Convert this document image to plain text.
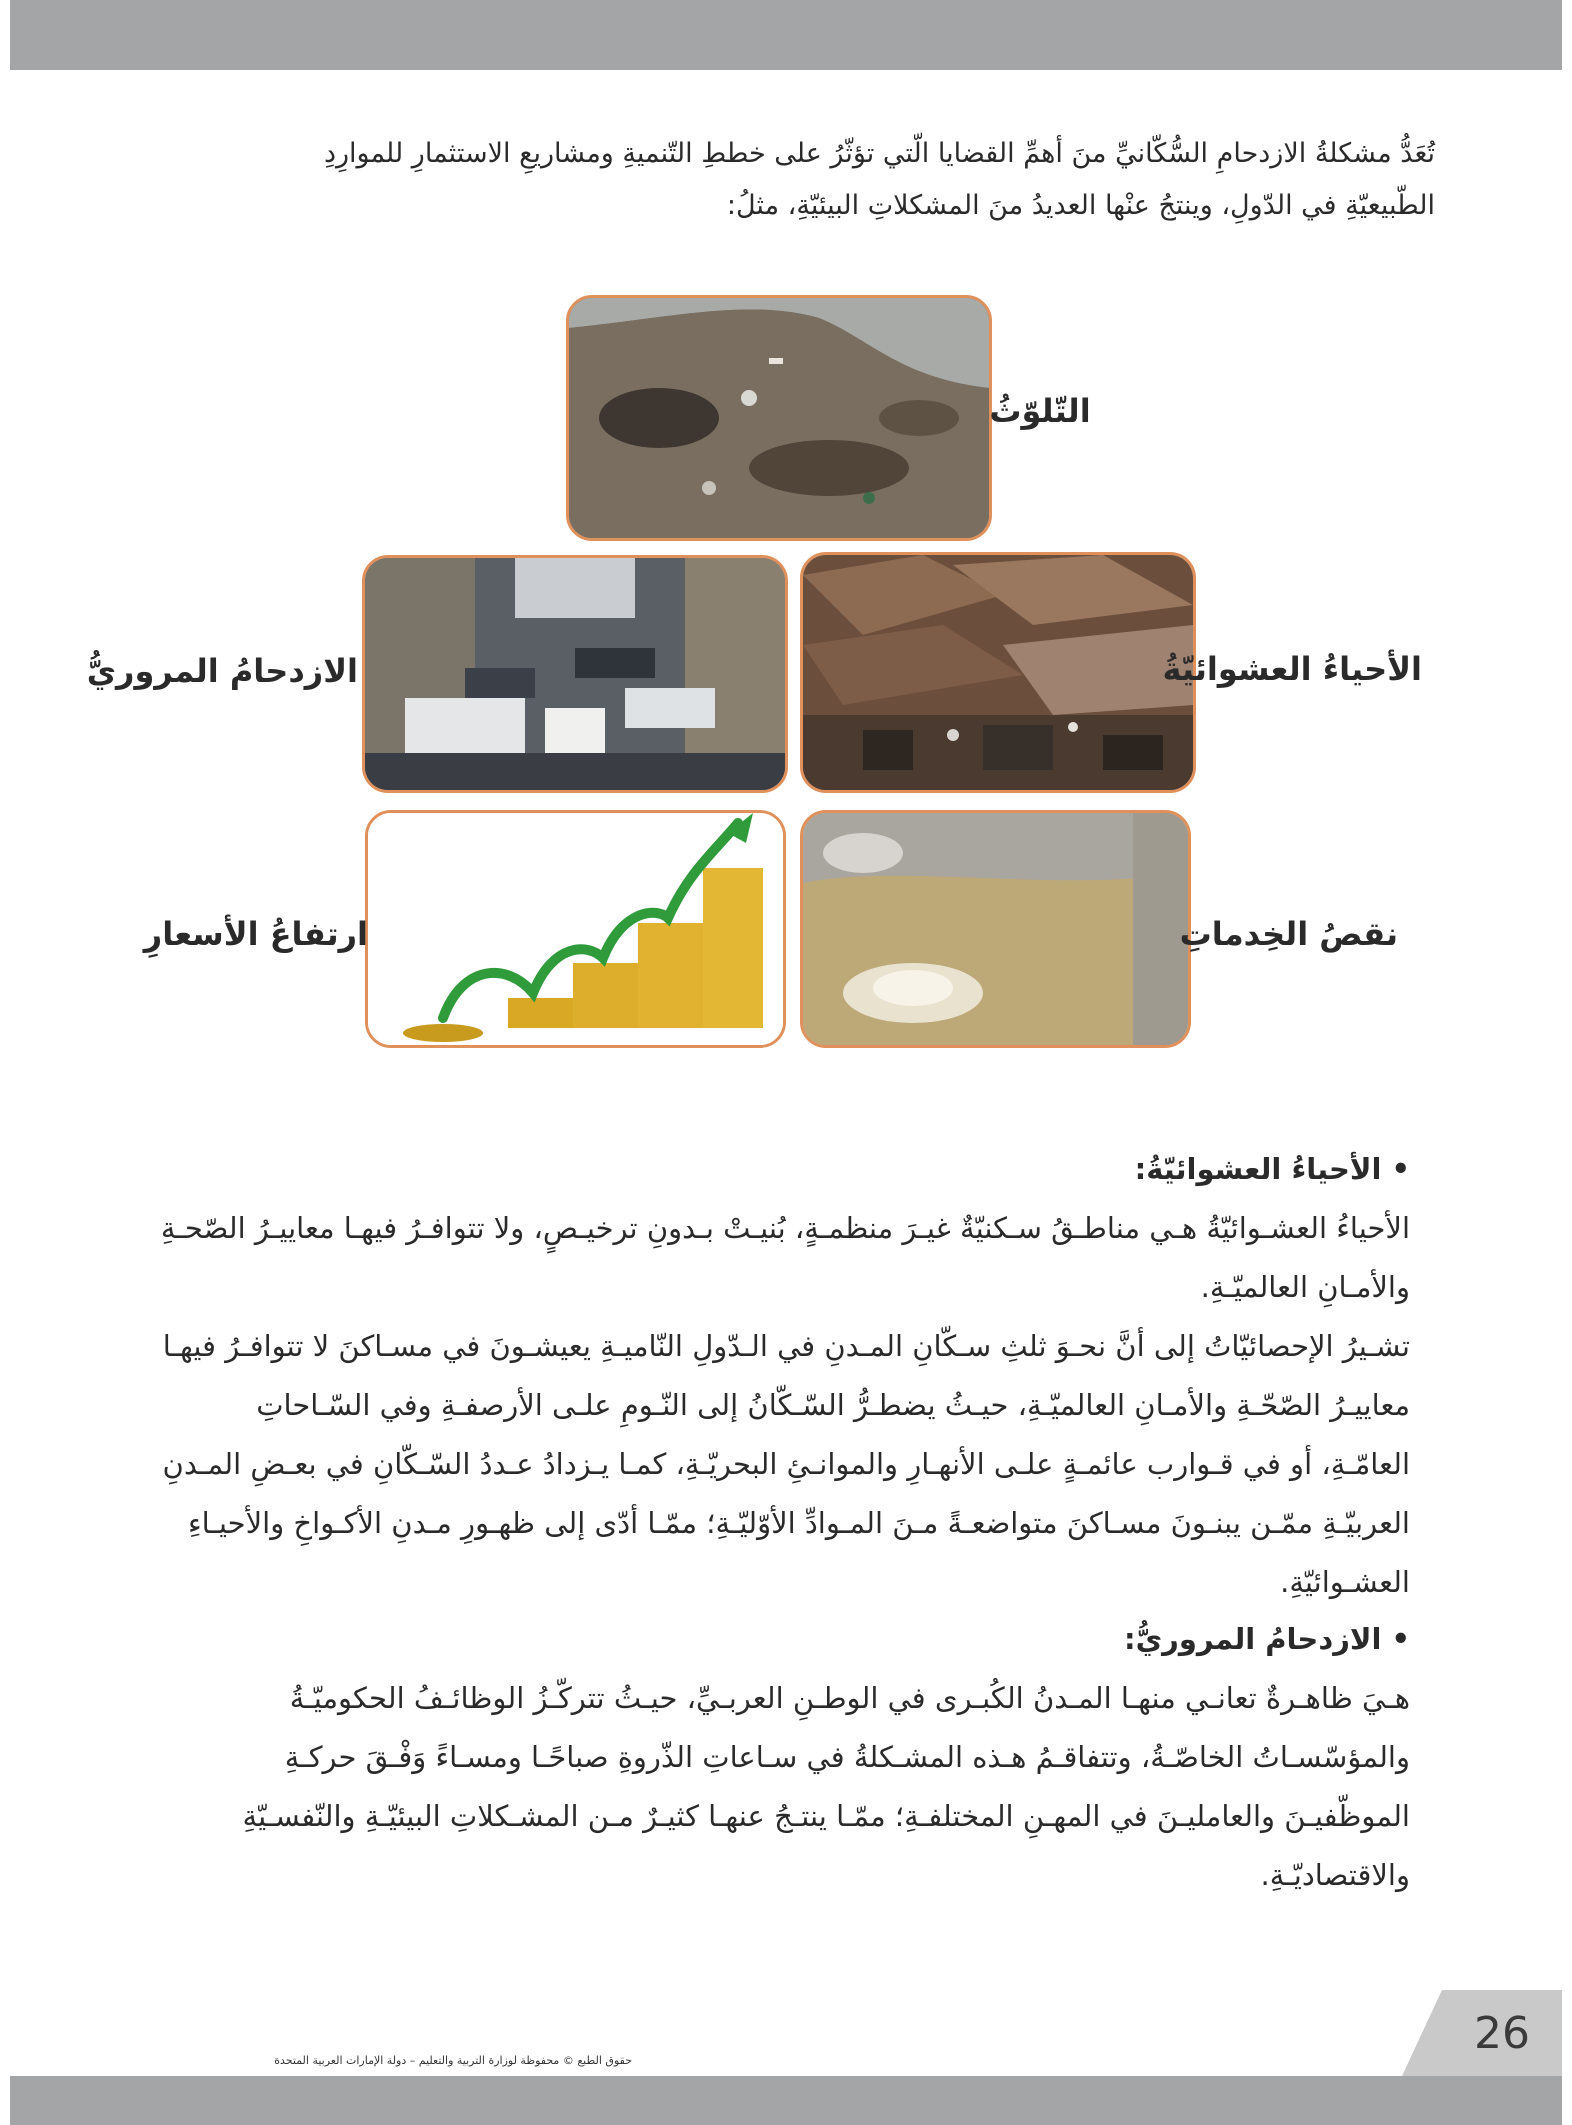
تُعَدُّ مشكلةُ الازدحامِ السُّكّانيِّ منَ أهمِّ القضايا الّتي تؤثّرُ على خططِ التّنميةِ ومشاريعِ الاستثمارِ للموارِدِ
الطّبيعيّةِ في الدّولِ، وينتجُ عنْها العديدُ منَ المشكلاتِ البيئيّةِ، مثلُ:
التّلوّثُ
الأحياءُ العشوائيّةُ
الازدحامُ المروريُّ
نقصُ الخِدماتِ
ارتفاعُ الأسعارِ

•الأحياءُ العشوائيّةُ:

الأحياءُ العشـوائيّةُ هـي مناطـقُ سـكنيّةٌ غيـرَ منظمـةٍ، بُنيـتْ بـدونِ ترخيـصٍ، ولا تتوافـرُ فيهـا معاييـرُ الصّحـةِ والأمـانِ العالميّـةِ.

تشـيرُ الإحصائيّاتُ إلى أنَّ نحـوَ ثلثِ سـكّانِ المـدنِ في الـدّولِ النّاميـةِ يعيشـونَ في مسـاكنَ لا تتوافـرُ فيهـا معاييـرُ الصّحّـةِ والأمـانِ العالميّـةِ، حيـثُ يضطـرُّ السّـكّانُ إلى النّـومِ علـى الأرصفـةِ وفي السّـاحاتِ العامّـةِ، أو في قـوارب عائمـةٍ علـى الأنهـارِ والموانـئِ البحريّـةِ، كمـا يـزدادُ عـددُ السّـكّانِ في بعـضِ المـدنِ العربيّـةِ ممّـن يبنـونَ مسـاكنَ متواضعـةً مـنَ المـوادِّ الأوّليّـةِ؛ ممّـا أدّى إلى ظهـورِ مـدنِ الأكـواخِ والأحيـاءِ العشـوائيّةِ.

•الازدحامُ المروريُّ:

هـيَ ظاهـرةٌ تعانـي منهـا المـدنُ الكُبـرى في الوطـنِ العربـيِّ، حيـثُ تتركّـزُ الوظائـفُ الحكوميّـةُ والمؤسّسـاتُ الخاصّـةُ، وتتفاقـمُ هـذه المشـكلةُ في سـاعاتِ الذّروةِ صباحًـا ومسـاءً وَفْـقَ حركـةِ الموظّفيـنَ والعامليـنَ في المهـنِ المختلفـةِ؛ ممّـا ينتـجُ عنهـا كثيـرٌ مـن المشـكلاتِ البيئيّـةِ والنّفسـيّةِ والاقتصاديّـةِ.

26
حقوق الطبع © محفوظة لوزارة التربية والتعليم – دولة الإمارات العربية المتحدة
